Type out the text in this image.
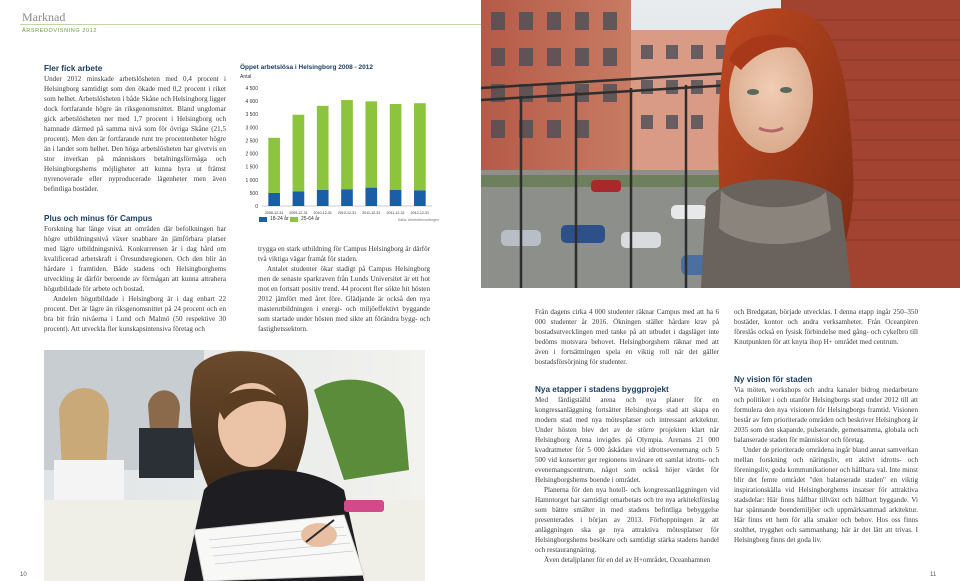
Marknad
ÅRSREDOVISNING 2012
Fler fick arbete
Under 2012 minskade arbetslösheten med 0,4 procent i Helsingborg samtidigt som den ökade med 0,2 procent i riket som helhet. Arbetslösheten i både Skåne och Helsingborg ligger dock fortfarande högre än riksgenomsnittet. Bland ungdomar gick arbetslösheten ner med 1,7 procent i Helsingborg och hamnade därmed på samma nivå som för övriga Skåne (21,5 procent). Men den är fortfarande runt tre procentenheter högre än i landet som helhet. Den höga arbetslösheten har givetvis en stor inverkan på människors betalningsförmåga och Helsingborgshems möjligheter att kunna hyra ut främst nyrenoverade eller nyproducerade lägenheter men även befintliga bostäder.
Plus och minus för Campus

Forskning har länge visat att områden där befolkningen har högre utbildningsnivå växer snabbare än jämförbara platser med lägre utbildningsnivå. Konkurrensen är i dag hård om kvalificerad arbetskraft i Öresundsregionen. Och den blir än hårdare i framtiden. Både stadens och Helsingborghems utveckling är därför beroende av förmågan att kunna attrahera högutbildade för arbete och bostad.

Andelen högutbildade i Helsingborg är i dag enbart 22 procent. Det är lägre än riksgenomsnittet på 24 procent och en bra bit från nivåerna i Lund och Malmö (50 respektive 30 procent). Att utveckla fler kunskapsintensiva företag och

Öppet arbetslösa i Helsingborg 2008 - 2012
Antal
0
500
1 000
1 500
2 000
2 500
3 000
3 500
4 000
4 500
2008-12-31 2009-12-31 2010-12-31 2010-12-31 2011-12-31 2011-12-31 2012-12-31
18-24 år 25-64 år	Källa: Arbetsförmedlingen

trygga en stark utbildning för Campus Helsingborg är därför två viktiga vägar framåt för staden.

Antalet studenter ökar stadigt på Campus Helsingborg men de senaste sparkraven från Lunds Universitet är ett hot mot en fortsatt positiv trend. 44 procent fler sökte hit hösten 2012 jämfört med året före. Glädjande är också den nya masterutbildningen i energi- och miljöeffektivt byggande som startade under hösten med sikte att förändra bygg- och fastighetssektorn.

Från dagens cirka 4 000 studenter räknar Campus med att ha 6 000 studenter år 2016. Ökningen ställer hårdare krav på bostadsutvecklingen med tanke på att utbudet i dagsläget inte bedöms motsvara behovet. Helsingborgshem räknar med att även i fortsättningen spela en viktig roll när det gäller bostadsförsörjning för studenter.
Nya etapper i stadens byggprojekt

Med färdigställd arena och nya planer för en kongressanläggning fortsätter Helsingborgs stad att skapa en modern stad med nya mötesplatser och intressant arkitektur. Under hösten blev det av de större projekten klart när Helsingborg Arena invigdes på Olympia. Arenans 21 000 kvadratmeter för 5 000 åskådare vid idrottsevenemang och 5 500 vid konserter ger regionens invånare ett samlat idrotts- och evenemangscentrum, något som också höjer värdet för Helsingborgshems boende i området.

Planerna för den nya hotell- och kongressanläggningen vid Hamntorget har samtidigt omarbetats och tre nya arkitektförslag som bättre smälter in med stadens befintliga bebyggelse presenterades i början av 2013. Förhoppningen är att anläggningen ska ge nya attraktiva mötesplatser för Helsingborgshems besökare och samtidigt stärka stadens handel och restaurangnäring.

Även detaljplaner för en del av H+området, Oceanhamnen

och Bredgatan, började utvecklas. I denna etapp ingår 250–350 bostäder, kontor och andra verksamheter. Från Oceanpiren föreslås också en fysisk förbindelse med gång- och cykelbro till Knutpunkten för att knyta ihop H+ området med centrum.
Ny vision för staden

Via möten, workshops och andra kanaler bidrog medarbetare och politiker i och utanför Helsingborgs stad under 2012 till att formulera den nya visionen för Helsingborgs framtid. Visionen består av fem prioriterade områden och beskriver Helsingborg år 2035 som den skapande, pulserande, gemensamma, globala och balanserade staden för människor och företag.

Under de prioriterade områdena ingår bland annat samverkan mellan forskning och näringsliv, ett aktivt idrotts- och föreningsliv, goda kommunikationer och hållbara val. Inte minst blir det femte området "den balanserade staden" en viktig inspirationskälla vid Helsingborghems insatser för attraktiva stadsdelar: Här finns hållbar tillväxt och hållbart byggande. Vi har spännande boendemiljöer och uppmärksammad arkitektur. Här finns ett hem för alla smaker och behov. Hos oss finns stolthet, trygghet och sammanhang; här är det lätt att trivas. I Helsingborg finns det goda liv.

10	11
